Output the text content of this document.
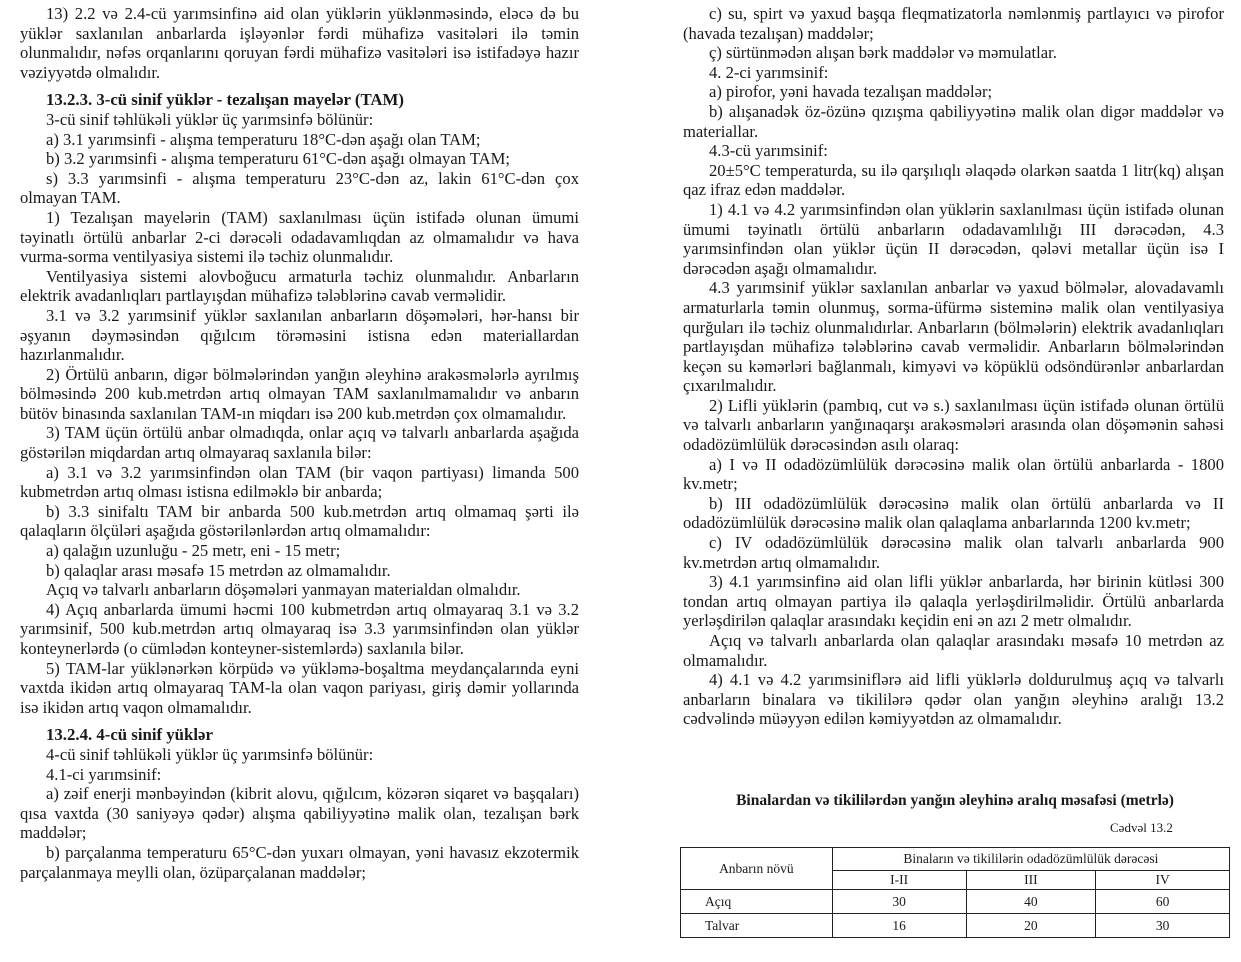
13) 2.2 və 2.4-cü yarımsinfinə aid olan yüklərin yüklənməsində, eləcə də bu yüklər saxlanılan anbarlarda işləyənlər fərdi mühafizə vasitələri ilə təmin olunmalıdır, nəfəs orqanlarını qoruyan fərdi mühafizə vasitələri isə istifadəyə hazır vəziyyətdə olmalıdır.

13.2.3. 3-cü sinif yüklər - tezalışan mayelər (TAM)

3-cü sinif təhlükəli yüklər üç yarımsinfə bölünür:

a) 3.1 yarımsinfi - alışma temperaturu 18°C-dən aşağı olan TAM;

b) 3.2 yarımsinfi - alışma temperaturu 61°C-dən aşağı olmayan TAM;

s) 3.3 yarımsinfi - alışma temperaturu 23°C-dən az, lakin 61°C-dən çox olmayan TAM.

1) Tezalışan mayelərin (TAM) saxlanılması üçün istifadə olunan ümumi təyinatlı örtülü anbarlar 2-ci dərəcəli odadavamlıqdan az olmamalıdır və hava vurma-sorma ventilyasiya sistemi ilə təchiz olunmalıdır.

Ventilyasiya sistemi alovboğucu armaturla təchiz olunmalıdır. Anbarların elektrik avadanlıqları partlayışdan mühafizə tələblərinə cavab verməlidir.

3.1 və 3.2 yarımsinif yüklər saxlanılan anbarların döşəmələri, hər-hansı bir əşyanın dəyməsindən qığılcım törəməsini istisna edən materiallardan hazırlanmalıdır.

2) Örtülü anbarın, digər bölmələrindən yanğın əleyhinə arakəsmələrlə ayrılmış bölməsində 200 kub.metrdən artıq olmayan TAM saxlanılmamalıdır və anbarın bütöv binasında saxlanılan TAM-ın miqdarı isə 200 kub.metrdən çox olmamalıdır.

3) TAM üçün örtülü anbar olmadıqda, onlar açıq və talvarlı anbarlarda aşağıda göstərilən miqdardan artıq olmayaraq saxlanıla bilər:

a) 3.1 və 3.2 yarımsinfindən olan TAM (bir vaqon partiyası) limanda 500 kubmetrdən artıq olması istisna edilməklə bir anbarda;

b) 3.3 sinifaltı TAM bir anbarda 500 kub.metrdən artıq olmamaq şərti ilə qalaqların ölçüləri aşağıda göstərilənlərdən artıq olmamalıdır:

a) qalağın uzunluğu - 25 metr, eni - 15 metr;

b) qalaqlar arası məsafə 15 metrdən az olmamalıdır.

Açıq və talvarlı anbarların döşəmələri yanmayan materialdan olmalıdır.

4) Açıq anbarlarda ümumi həcmi 100 kubmetrdən artıq olmayaraq 3.1 və 3.2 yarımsinif, 500 kub.metrdən artıq olmayaraq isə 3.3 yarımsinfindən olan yüklər konteynerlərdə (o cümlədən konteyner-sistemlərdə) saxlanıla bilər.

5) TAM-lar yüklənərkən körpüdə və yükləmə-boşaltma meydançalarında eyni vaxtda ikidən artıq olmayaraq TAM-la olan vaqon pariyası, giriş dəmir yollarında isə ikidən artıq vaqon olmamalıdır.

13.2.4. 4-cü sinif yüklər

4-cü sinif təhlükəli yüklər üç yarımsinfə bölünür:

4.1-ci yarımsinif:

a) zəif enerji mənbəyindən (kibrit alovu, qığılcım, közərən siqaret və başqaları) qısa vaxtda (30 saniyəyə qədər) alışma qabiliyyətinə malik olan, tezalışan bərk maddələr;

b) parçalanma temperaturu 65°C-dən yuxarı olmayan, yəni havasız ekzotermik parçalanmaya meylli olan, özüparçalanan maddələr;

c) su, spirt və yaxud başqa fleqmatizatorla nəmlənmiş partlayıcı və pirofor (havada tezalışan) maddələr;

ç) sürtünmədən alışan bərk maddələr və məmulatlar.

4. 2-ci yarımsinif:

a) pirofor, yəni havada tezalışan maddələr;

b) alışanadək öz-özünə qızışma qabiliyyətinə malik olan digər maddələr və materiallar.

4.3-cü yarımsinif:

20±5°C temperaturda, su ilə qarşılıqlı əlaqədə olarkən saatda 1 litr(kq) alışan qaz ifraz edən maddələr.

1) 4.1 və 4.2 yarımsinfindən olan yüklərin saxlanılması üçün istifadə olunan ümumi təyinatlı örtülü anbarların odadavamlılığı III dərəcədən, 4.3 yarımsinfindən olan yüklər üçün II dərəcədən, qələvi metallar üçün isə I dərəcədən aşağı olmamalıdır.

4.3 yarımsinif yüklər saxlanılan anbarlar və yaxud bölmələr, alovadavamlı armaturlarla təmin olunmuş, sorma-üfürmə sisteminə malik olan ventilyasiya qurğuları ilə təchiz olunmalıdırlar. Anbarların (bölmələrin) elektrik avadanlıqları partlayışdan mühafizə tələblərinə cavab verməlidir. Anbarların bölmələrindən keçən su kəmərləri bağlanmalı, kimyəvi və köpüklü odsöndürənlər anbarlardan çıxarılmalıdır.

2) Lifli yüklərin (pambıq, cut və s.) saxlanılması üçün istifadə olunan örtülü və talvarlı anbarların yanğınaqarşı arakəsmələri arasında olan döşəmənin sahəsi odadözümlülük dərəcəsindən asılı olaraq:

a) I və II odadözümlülük dərəcəsinə malik olan örtülü anbarlarda - 1800 kv.metr;

b) III odadözümlülük dərəcəsinə malik olan örtülü anbarlarda və II odadözümlülük dərəcəsinə malik olan qalaqlama anbarlarında 1200 kv.metr;

c) IV odadözümlülük dərəcəsinə malik olan talvarlı anbarlarda 900 kv.metrdən artıq olmamalıdır.

3) 4.1 yarımsinfinə aid olan lifli yüklər anbarlarda, hər birinin kütləsi 300 tondan artıq olmayan partiya ilə qalaqla yerləşdirilməlidir. Örtülü anbarlarda yerləşdirilən qalaqlar arasındakı keçidin eni ən azı 2 metr olmalıdır.

Açıq və talvarlı anbarlarda olan qalaqlar arasındakı məsafə 10 metrdən az olmamalıdır.

4) 4.1 və 4.2 yarımsiniflərə aid lifli yüklərlə doldurulmuş açıq və talvarlı anbarların binalara və tikililərə qədər olan yanğın əleyhinə aralığı 13.2 cədvəlində müəyyən edilən kəmiyyətdən az olmamalıdır.

Binalardan və tikililərdən yanğın əleyhinə aralıq məsafəsi (metrlə)
Cədvəl 13.2
Anbarın növü	Binaların və tikililərin odadözümlülük dərəcəsi		
	I-II	III	IV
Açıq	30	40	60
Talvar	16	20	30
